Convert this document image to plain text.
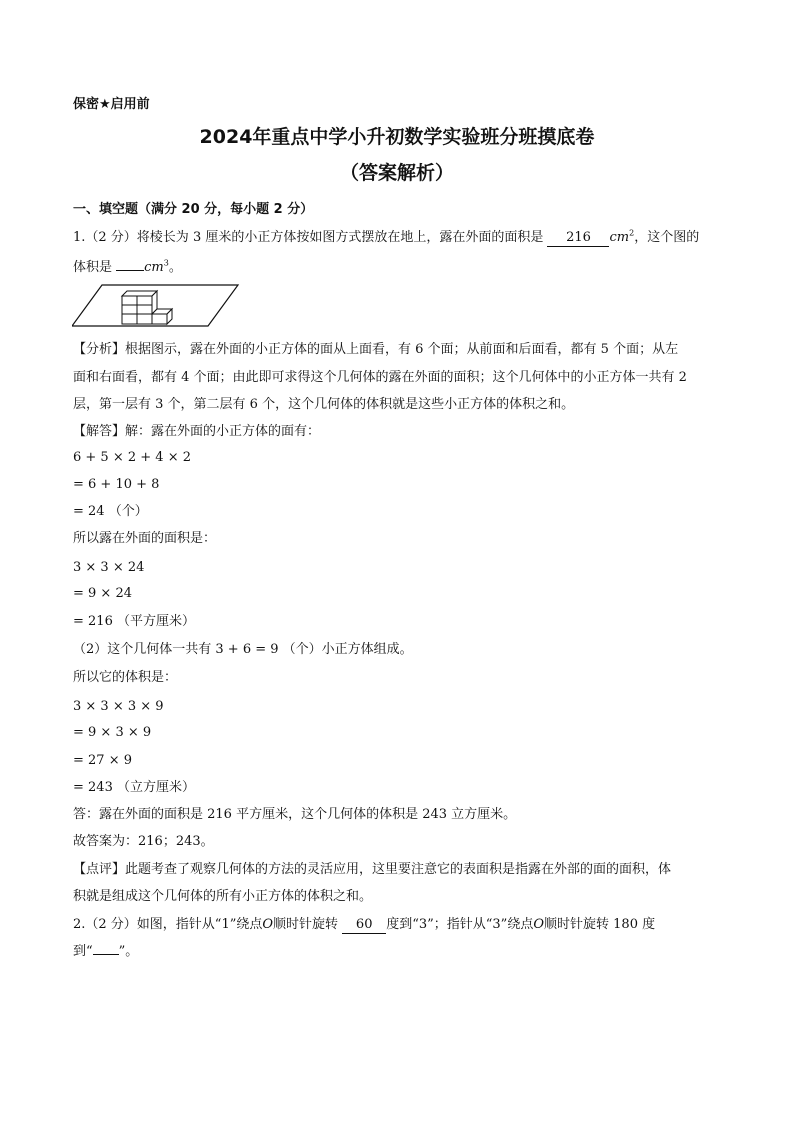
保密★启用前
2024年重点中学小升初数学实验班分班摸底卷
（答案解析）
一、填空题（满分 20 分，每小题 2 分）
1.（2 分）将棱长为 3 厘米的小正方体按如图方式摆放在地上，露在外面的面积是 216 $cm^2$，这个图的
体积是 $cm^3$。
【分析】根据图示，露在外面的小正方体的面从上面看，有 6 个面；从前面和后面看，都有 5 个面；从左
面和右面看，都有 4 个面；由此即可求得这个几何体的露在外面的面积；这个几何体中的小正方体一共有 2
层，第一层有 3 个，第二层有 6 个，这个几何体的体积就是这些小正方体的体积之和。
【解答】解：露在外面的小正方体的面有：
6 + 5 × 2 + 4 × 2
= 6 + 10 + 8
= 24 （个）
所以露在外面的面积是：
3 × 3 × 24
= 9 × 24
= 216 （平方厘米）
（2）这个几何体一共有 3 + 6 = 9 （个）小正方体组成。
所以它的体积是：
3 × 3 × 3 × 9
= 9 × 3 × 9
= 27 × 9
= 243 （立方厘米）
答：露在外面的面积是 216 平方厘米，这个几何体的体积是 243 立方厘米。
故答案为：216；243。
【点评】此题考查了观察几何体的方法的灵活应用，这里要注意它的表面积是指露在外部的面的面积，体
积就是组成这个几何体的所有小正方体的体积之和。
2.（2 分）如图，指针从“1”绕点O顺时针旋转 60 度到“3”；指针从“3”绕点O顺时针旋转 180 度
到“ ”。
